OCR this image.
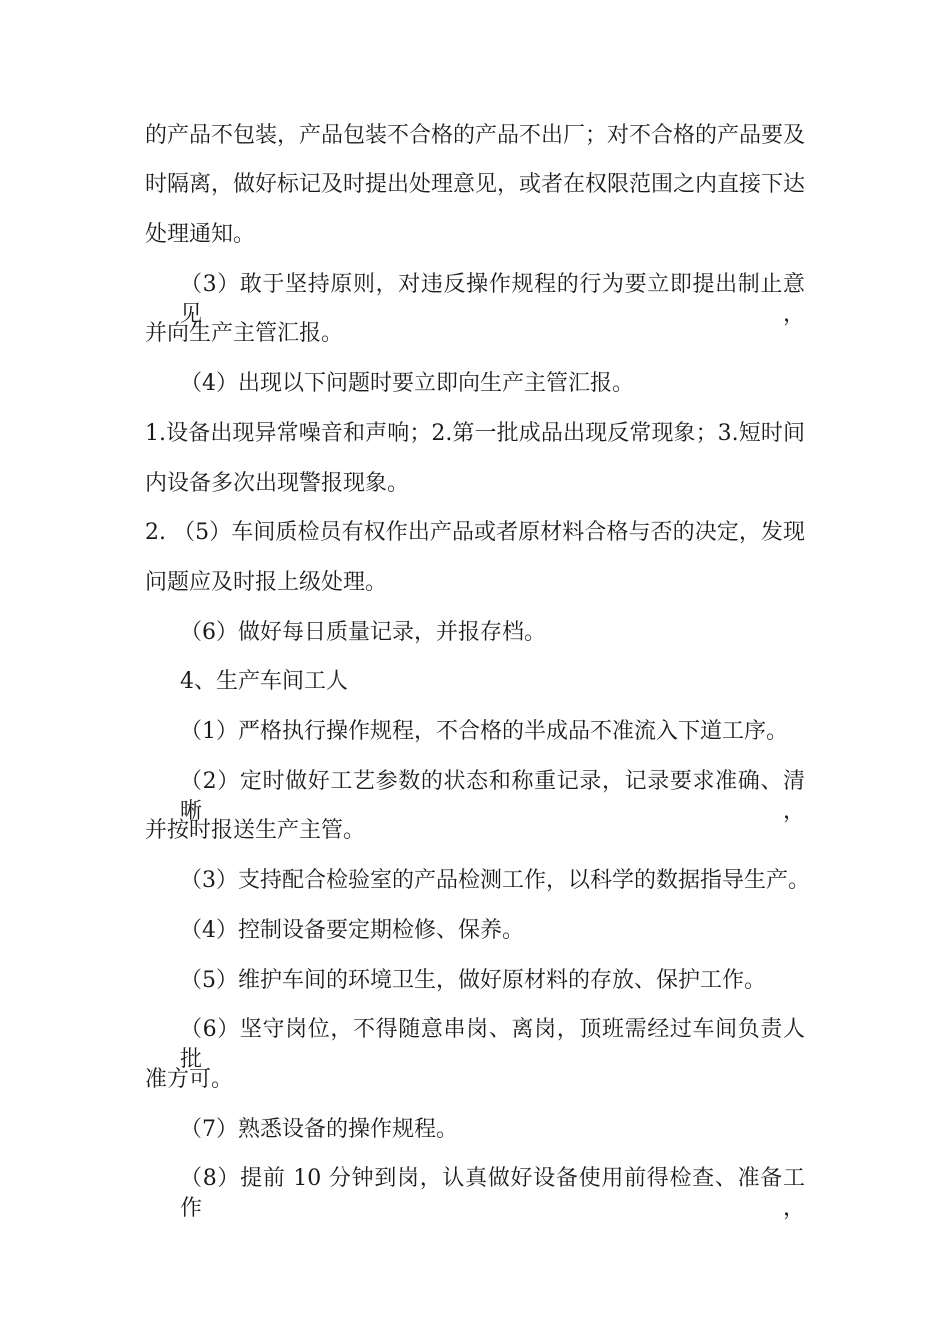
的产品不包装，产品包装不合格的产品不出厂；对不合格的产品要及
时隔离，做好标记及时提出处理意见，或者在权限范围之内直接下达
处理通知。
（3）敢于坚持原则，对违反操作规程的行为要立即提出制止意见，
并向生产主管汇报。
（4）出现以下问题时要立即向生产主管汇报。
1.设备出现异常噪音和声响；2.第一批成品出现反常现象；3.短时间
内设备多次出现警报现象。
2. （5）车间质检员有权作出产品或者原材料合格与否的决定，发现
问题应及时报上级处理。
（6）做好每日质量记录，并报存档。
4、生产车间工人
（1）严格执行操作规程，不合格的半成品不准流入下道工序。
（2）定时做好工艺参数的状态和称重记录，记录要求准确、清晰，
并按时报送生产主管。
（3）支持配合检验室的产品检测工作，以科学的数据指导生产。
（4）控制设备要定期检修、保养。
（5）维护车间的环境卫生，做好原材料的存放、保护工作。
（6）坚守岗位，不得随意串岗、离岗，顶班需经过车间负责人批
准方可。
（7）熟悉设备的操作规程。
（8）提前 10 分钟到岗，认真做好设备使用前得检查、准备工作，
